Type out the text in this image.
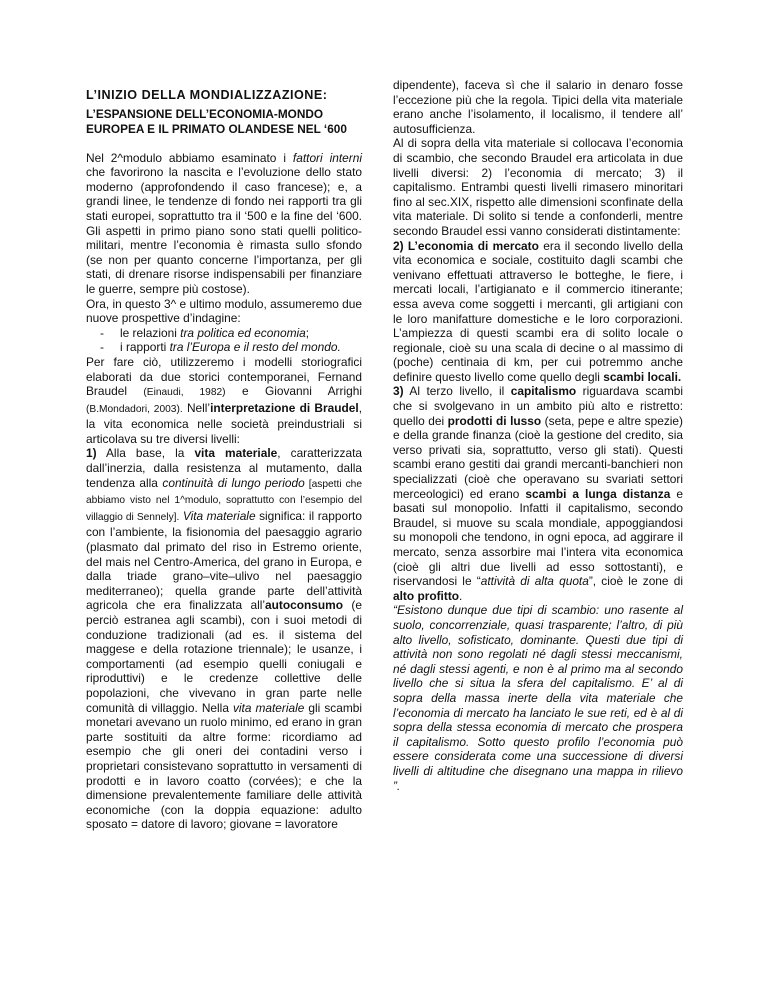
L’INIZIO DELLA MONDIALIZZAZIONE:

L’ESPANSIONE DELL’ECONOMIA-MONDO
EUROPEA E IL PRIMATO OLANDESE NEL ‘600

Nel 2^modulo abbiamo esaminato i fattori interni che favorirono la nascita e l’evoluzione dello stato moderno (approfondendo il caso francese); e, a grandi linee, le tendenze di fondo nei rapporti tra gli stati europei, soprattutto tra il ‘500 e la fine del ‘600. Gli aspetti in primo piano sono stati quelli politico-militari, mentre l’economia è rimasta sullo sfondo (se non per quanto concerne l’importanza, per gli stati, di drenare risorse indispensabili per finanziare le guerre, sempre più costose).

Ora, in questo 3^ e ultimo modulo, assumeremo due nuove prospettive d’indagine:

-	le relazioni tra politica ed economia;

-	i rapporti tra l’Europa e il resto del mondo.

Per fare ciò, utilizzeremo i modelli storiografici elaborati da due storici contemporanei, Fernand Braudel (Einaudi, 1982) e Giovanni Arrighi (B.Mondadori, 2003). Nell’interpretazione di Braudel, la vita economica nelle società preindustriali si articolava su tre diversi livelli:

1) Alla base, la vita materiale, caratterizzata dall’inerzia, dalla resistenza al mutamento, dalla tendenza alla continuità di lungo periodo [aspetti che abbiamo visto nel 1^modulo, soprattutto con l’esempio del villaggio di Sennely]. Vita materiale significa: il rapporto con l’ambiente, la fisionomia del paesaggio agrario (plasmato dal primato del riso in Estremo oriente, del mais nel Centro-America, del grano in Europa, e dalla triade grano–vite–ulivo nel paesaggio mediterraneo); quella grande parte dell’attività agricola che era finalizzata all’autoconsumo (e perciò estranea agli scambi), con i suoi metodi di conduzione tradizionali (ad es. il sistema del maggese e della rotazione triennale); le usanze, i comportamenti (ad esempio quelli coniugali e riproduttivi) e le credenze collettive delle popolazioni, che vivevano in gran parte nelle comunità di villaggio. Nella vita materiale gli scambi monetari avevano un ruolo minimo, ed erano in gran parte sostituiti da altre forme: ricordiamo ad esempio che gli oneri dei contadini verso i proprietari consistevano soprattutto in versamenti di prodotti e in lavoro coatto (corvées); e che la dimensione prevalentemente familiare delle attività economiche (con la doppia equazione: adulto sposato = datore di lavoro; giovane = lavoratore

dipendente), faceva sì che il salario in denaro fosse l’eccezione più che la regola. Tipici della vita materiale erano anche l’isolamento, il localismo, il tendere all’ autosufficienza.

Al di sopra della vita materiale si collocava l’economia di scambio, che secondo Braudel era articolata in due livelli diversi: 2) l’economia di mercato; 3) il capitalismo. Entrambi questi livelli rimasero minoritari fino al sec.XIX, rispetto alle dimensioni sconfinate della vita materiale. Di solito si tende a confonderli, mentre secondo Braudel essi vanno considerati distintamente:

2) L’economia di mercato era il secondo livello della vita economica e sociale, costituito dagli scambi che venivano effettuati attraverso le botteghe, le fiere, i mercati locali, l’artigianato e il commercio itinerante; essa aveva come soggetti i mercanti, gli artigiani con le loro manifatture domestiche e le loro corporazioni. L’ampiezza di questi scambi era di solito locale o regionale, cioè su una scala di decine o al massimo di (poche) centinaia di km, per cui potremmo anche definire questo livello come quello degli scambi locali.

3) Al terzo livello, il capitalismo riguardava scambi che si svolgevano in un ambito più alto e ristretto: quello dei prodotti di lusso (seta, pepe e altre spezie) e della grande finanza (cioè la gestione del credito, sia verso privati sia, soprattutto, verso gli stati). Questi scambi erano gestiti dai grandi mercanti-banchieri non specializzati (cioè che operavano su svariati settori merceologici) ed erano scambi a lunga distanza e basati sul monopolio. Infatti il capitalismo, secondo Braudel, si muove su scala mondiale, appoggiandosi su monopoli che tendono, in ogni epoca, ad aggirare il mercato, senza assorbire mai l’intera vita economica (cioè gli altri due livelli ad esso sottostanti), e riservandosi le “attività di alta quota”, cioè le zone di alto profitto.

“Esistono dunque due tipi di scambio: uno rasente al suolo, concorrenziale, quasi trasparente; l’altro, di più alto livello, sofisticato, dominante. Questi due tipi di attività non sono regolati né dagli stessi meccanismi, né dagli stessi agenti, e non è al primo ma al secondo livello che si situa la sfera del capitalismo. E’ al di sopra della massa inerte della vita materiale che l’economia di mercato ha lanciato le sue reti, ed è al di sopra della stessa economia di mercato che prospera il capitalismo. Sotto questo profilo l’economia può essere considerata come una successione di diversi livelli di altitudine che disegnano una mappa in rilievo ”.
